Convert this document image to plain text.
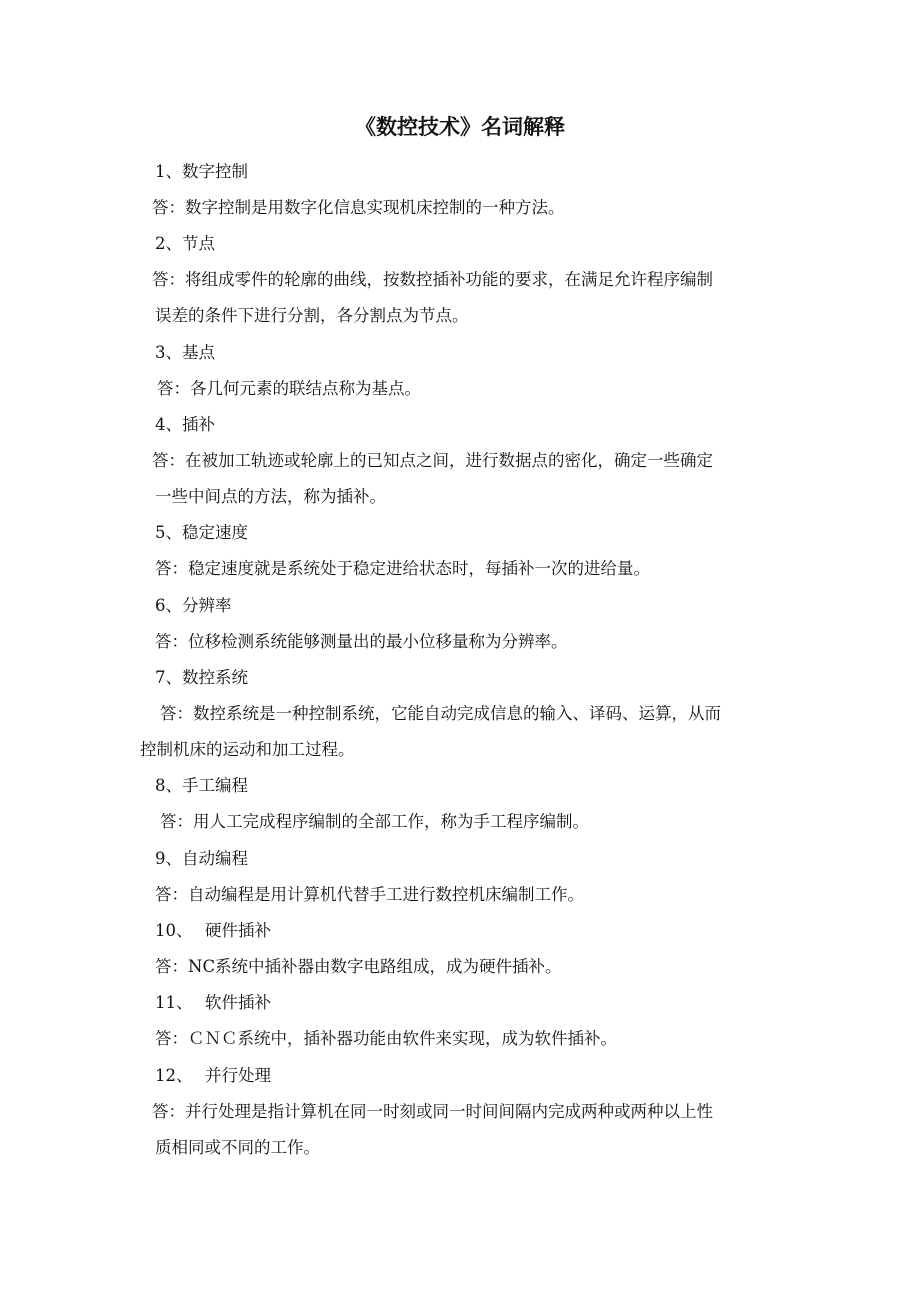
《数控技术》名词解释
1、数字控制
答：数字控制是用数字化信息实现机床控制的一种方法。
2、节点
答：将组成零件的轮廓的曲线，按数控插补功能的要求，在满足允许程序编制
误差的条件下进行分割，各分割点为节点。
3、基点
答：各几何元素的联结点称为基点。
4、插补
答：在被加工轨迹或轮廓上的已知点之间，进行数据点的密化，确定一些确定
一些中间点的方法，称为插补。
5、稳定速度
答：稳定速度就是系统处于稳定进给状态时，每插补一次的进给量。
6、分辨率
答：位移检测系统能够测量出的最小位移量称为分辨率。
7、数控系统
答：数控系统是一种控制系统，它能自动完成信息的输入、译码、运算，从而
控制机床的运动和加工过程。
8、手工编程
答：用人工完成程序编制的全部工作，称为手工程序编制。
9、自动编程
答：自动编程是用计算机代替手工进行数控机床编制工作。
10、 硬件插补
答：NC系统中插补器由数字电路组成，成为硬件插补。
11、 软件插补
答：ＣＮＣ系统中，插补器功能由软件来实现，成为软件插补。
12、 并行处理
答：并行处理是指计算机在同一时刻或同一时间间隔内完成两种或两种以上性
质相同或不同的工作。
